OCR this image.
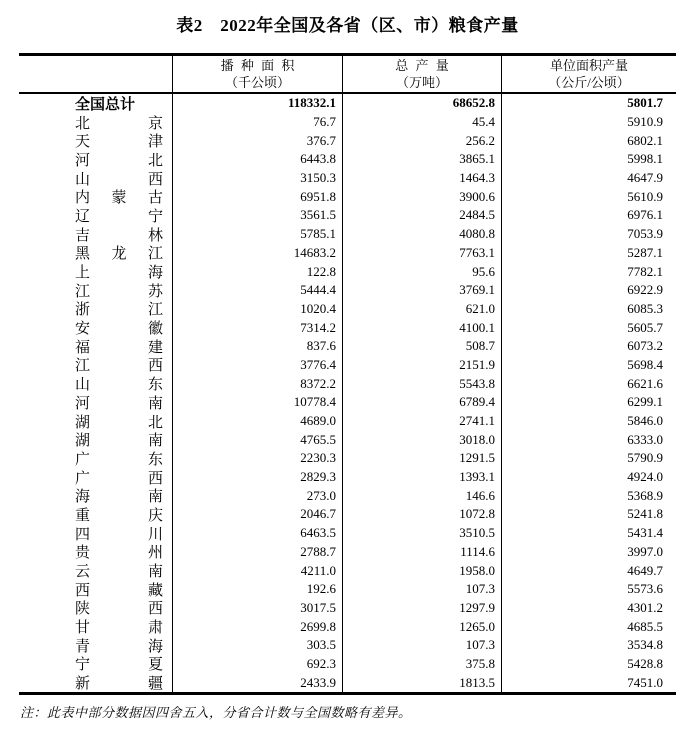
表2　2022年全国及各省（区、市）粮食产量
播 种 面 积
（千公顷）
总 产 量
（万吨）
单位面积产量
（公斤/公顷）
全 国 总 计	118332.1	68652.8	5801.7
北	京	76.7	45.4	5910.9
天	津	376.7	256.2	6802.1
河	北	6443.8	3865.1	5998.1
山	西	3150.3	1464.3	4647.9
内 蒙 古	6951.8	3900.6	5610.9
辽	宁	3561.5	2484.5	6976.1
吉	林	5785.1	4080.8	7053.9
黑 龙 江	14683.2	7763.1	5287.1
上	海	122.8	95.6	7782.1
江	苏	5444.4	3769.1	6922.9
浙	江	1020.4	621.0	6085.3
安	徽	7314.2	4100.1	5605.7
福	建	837.6	508.7	6073.2
江	西	3776.4	2151.9	5698.4
山	东	8372.2	5543.8	6621.6
河	南	10778.4	6789.4	6299.1
湖	北	4689.0	2741.1	5846.0
湖	南	4765.5	3018.0	6333.0
广	东	2230.3	1291.5	5790.9
广	西	2829.3	1393.1	4924.0
海	南	273.0	146.6	5368.9
重	庆	2046.7	1072.8	5241.8
四	川	6463.5	3510.5	5431.4
贵	州	2788.7	1114.6	3997.0
云	南	4211.0	1958.0	4649.7
西	藏	192.6	107.3	5573.6
陕	西	3017.5	1297.9	4301.2
甘	肃	2699.8	1265.0	4685.5
青	海	303.5	107.3	3534.8
宁	夏	692.3	375.8	5428.8
新	疆	2433.9	1813.5	7451.0
注：此表中部分数据因四舍五入，分省合计数与全国数略有差异。
